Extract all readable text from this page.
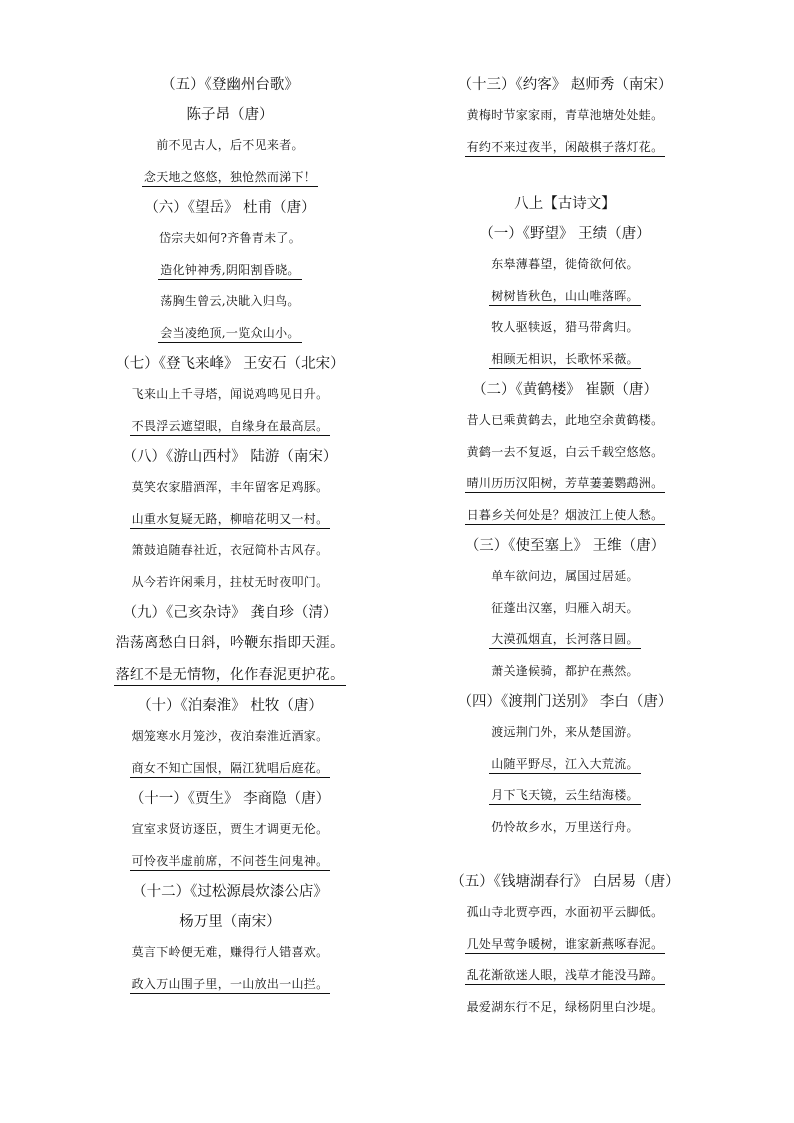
（五）《登幽州台歌》
陈子昂（唐）
前不见古人，后不见来者。
念天地之悠悠，独怆然而涕下！
（六）《望岳》 杜甫（唐）
岱宗夫如何?齐鲁青未了。
造化钟神秀,阴阳割昏晓。
荡胸生曾云,决眦入归鸟。
会当凌绝顶,一览众山小。
（七）《登飞来峰》 王安石（北宋）
飞来山上千寻塔，闻说鸡鸣见日升。
不畏浮云遮望眼，自缘身在最高层。
（八）《游山西村》 陆游（南宋）
莫笑农家腊酒浑，丰年留客足鸡豚。
山重水复疑无路，柳暗花明又一村。
箫鼓追随春社近，衣冠简朴古风存。
从今若许闲乘月，拄杖无时夜叩门。
（九）《己亥杂诗》 龚自珍（清）
浩荡离愁白日斜，吟鞭东指即天涯。
落红不是无情物，化作春泥更护花。
（十）《泊秦淮》 杜牧（唐）
烟笼寒水月笼沙，夜泊秦淮近酒家。
商女不知亡国恨，隔江犹唱后庭花。
（十一）《贾生》 李商隐（唐）
宣室求贤访逐臣，贾生才调更无伦。
可怜夜半虚前席，不问苍生问鬼神。
（十二）《过松源晨炊漆公店》
杨万里（南宋）
莫言下岭便无难，赚得行人错喜欢。
政入万山围子里，一山放出一山拦。
（十三）《约客》 赵师秀（南宋）
黄梅时节家家雨，青草池塘处处蛙。
有约不来过夜半，闲敲棋子落灯花。
八上【古诗文】
（一）《野望》 王绩（唐）
东皋薄暮望，徙倚欲何依。
树树皆秋色，山山唯落晖。
牧人驱犊返，猎马带禽归。
相顾无相识，长歌怀采薇。
（二）《黄鹤楼》 崔颢（唐）
昔人已乘黄鹤去，此地空余黄鹤楼。
黄鹤一去不复返，白云千载空悠悠。
晴川历历汉阳树，芳草萋萋鹦鹉洲。
日暮乡关何处是？烟波江上使人愁。
（三）《使至塞上》 王维（唐）
单车欲问边，属国过居延。
征蓬出汉塞，归雁入胡天。
大漠孤烟直，长河落日圆。
萧关逢候骑，都护在燕然。
（四）《渡荆门送别》 李白（唐）
渡远荆门外，来从楚国游。
山随平野尽，江入大荒流。
月下飞天镜，云生结海楼。
仍怜故乡水，万里送行舟。
（五）《钱塘湖春行》 白居易（唐）
孤山寺北贾亭西，水面初平云脚低。
几处早莺争暖树，谁家新燕啄春泥。
乱花渐欲迷人眼，浅草才能没马蹄。
最爱湖东行不足，绿杨阴里白沙堤。
